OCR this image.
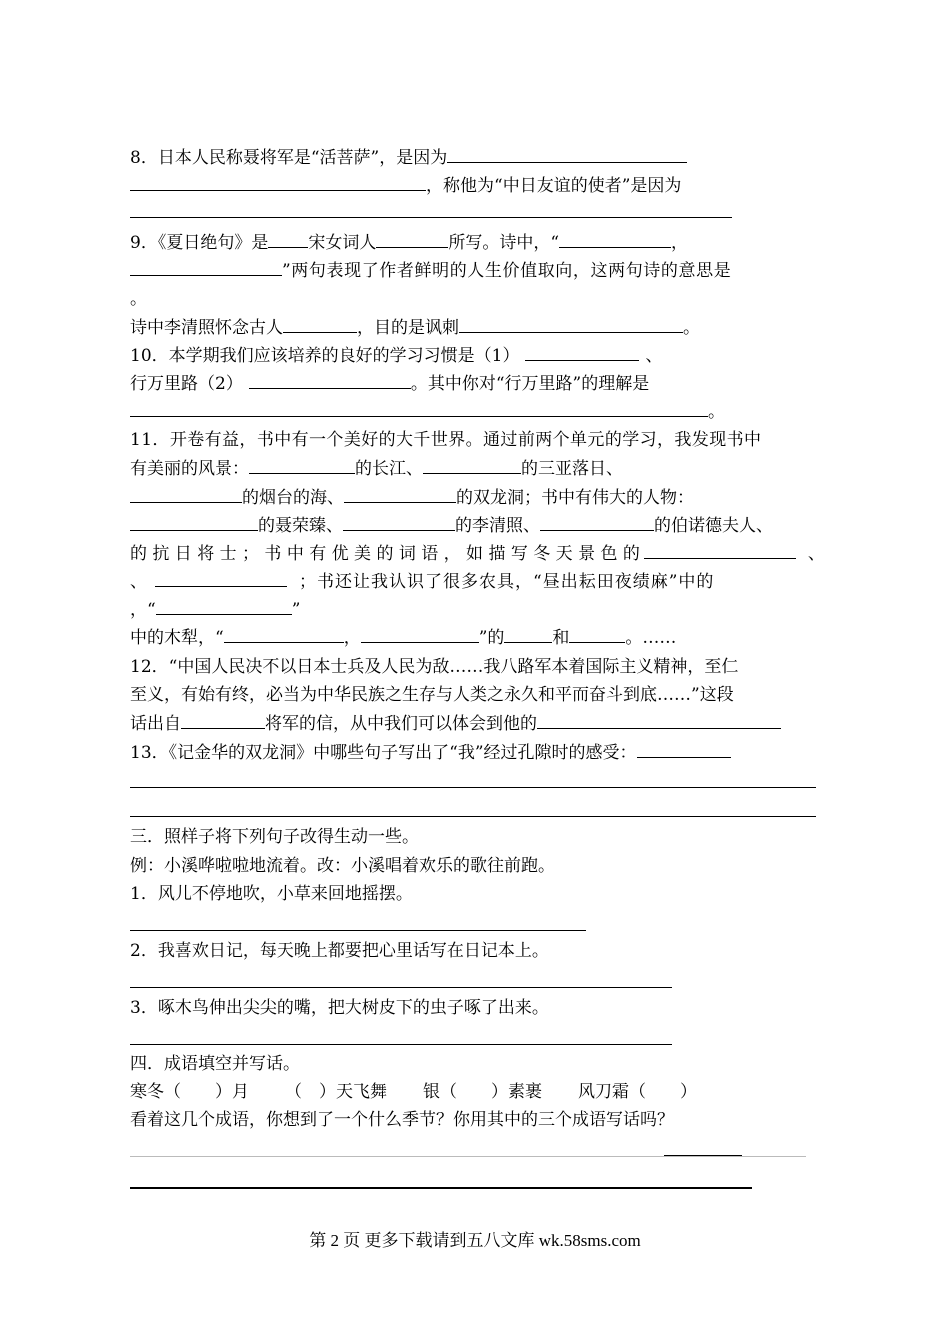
8．日本人民称聂将军是“活菩萨”，是因为
，称他为“中日友谊的使者”是因为
9．《夏日绝句》是 宋女词人	所写。诗中，“	，
”两句表现了作者鲜明的人生价值取向，这两句诗的意思是
。
诗中李清照怀念古人	，目的是讽刺	。
10．本学期我们应该培养的良好的学习习惯是（1）	、
行万里路（2）	。其中你对“行万里路”的理解是
。
11．开卷有益，书中有一个美好的大千世界。通过前两个单元的学习，我发现书中
有美丽的风景：	的长江、	的三亚落日、
的烟台的海、	的双龙洞；书中有伟大的人物：
的聂荣臻、	的李清照、	的伯诺德夫人、
的 抗 日 将 士 ； 书 中 有 优 美 的 词 语 ， 如 描 写 冬 天 景 色 的	、
、	；书还让我认识了很多农具，“昼出耘田夜绩麻”中的
，“	”
中的木犁，“	，	”的	和	。……
12．“中国人民决不以日本士兵及人民为敌……我八路军本着国际主义精神，至仁
至义，有始有终，必当为中华民族之生存与人类之永久和平而奋斗到底……”这段
话出自	将军的信，从中我们可以体会到他的
13．《记金华的双龙洞》中哪些句子写出了“我”经过孔隙时的感受：
三．照样子将下列句子改得生动一些。
例：小溪哗啦啦地流着。改：小溪唱着欢乐的歌往前跑。
1．风儿不停地吹，小草来回地摇摆。
2．我喜欢日记，每天晚上都要把心里话写在日记本上。
3．啄木鸟伸出尖尖的嘴，把大树皮下的虫子啄了出来。
四．成语填空并写话。
寒冬（　　）月 （　）天飞舞 银（　　）素裹 风刀霜（　　）
看着这几个成语，你想到了一个什么季节？你用其中的三个成语写话吗？
第 2 页 更多下载请到五八文库 wk.58sms.com
